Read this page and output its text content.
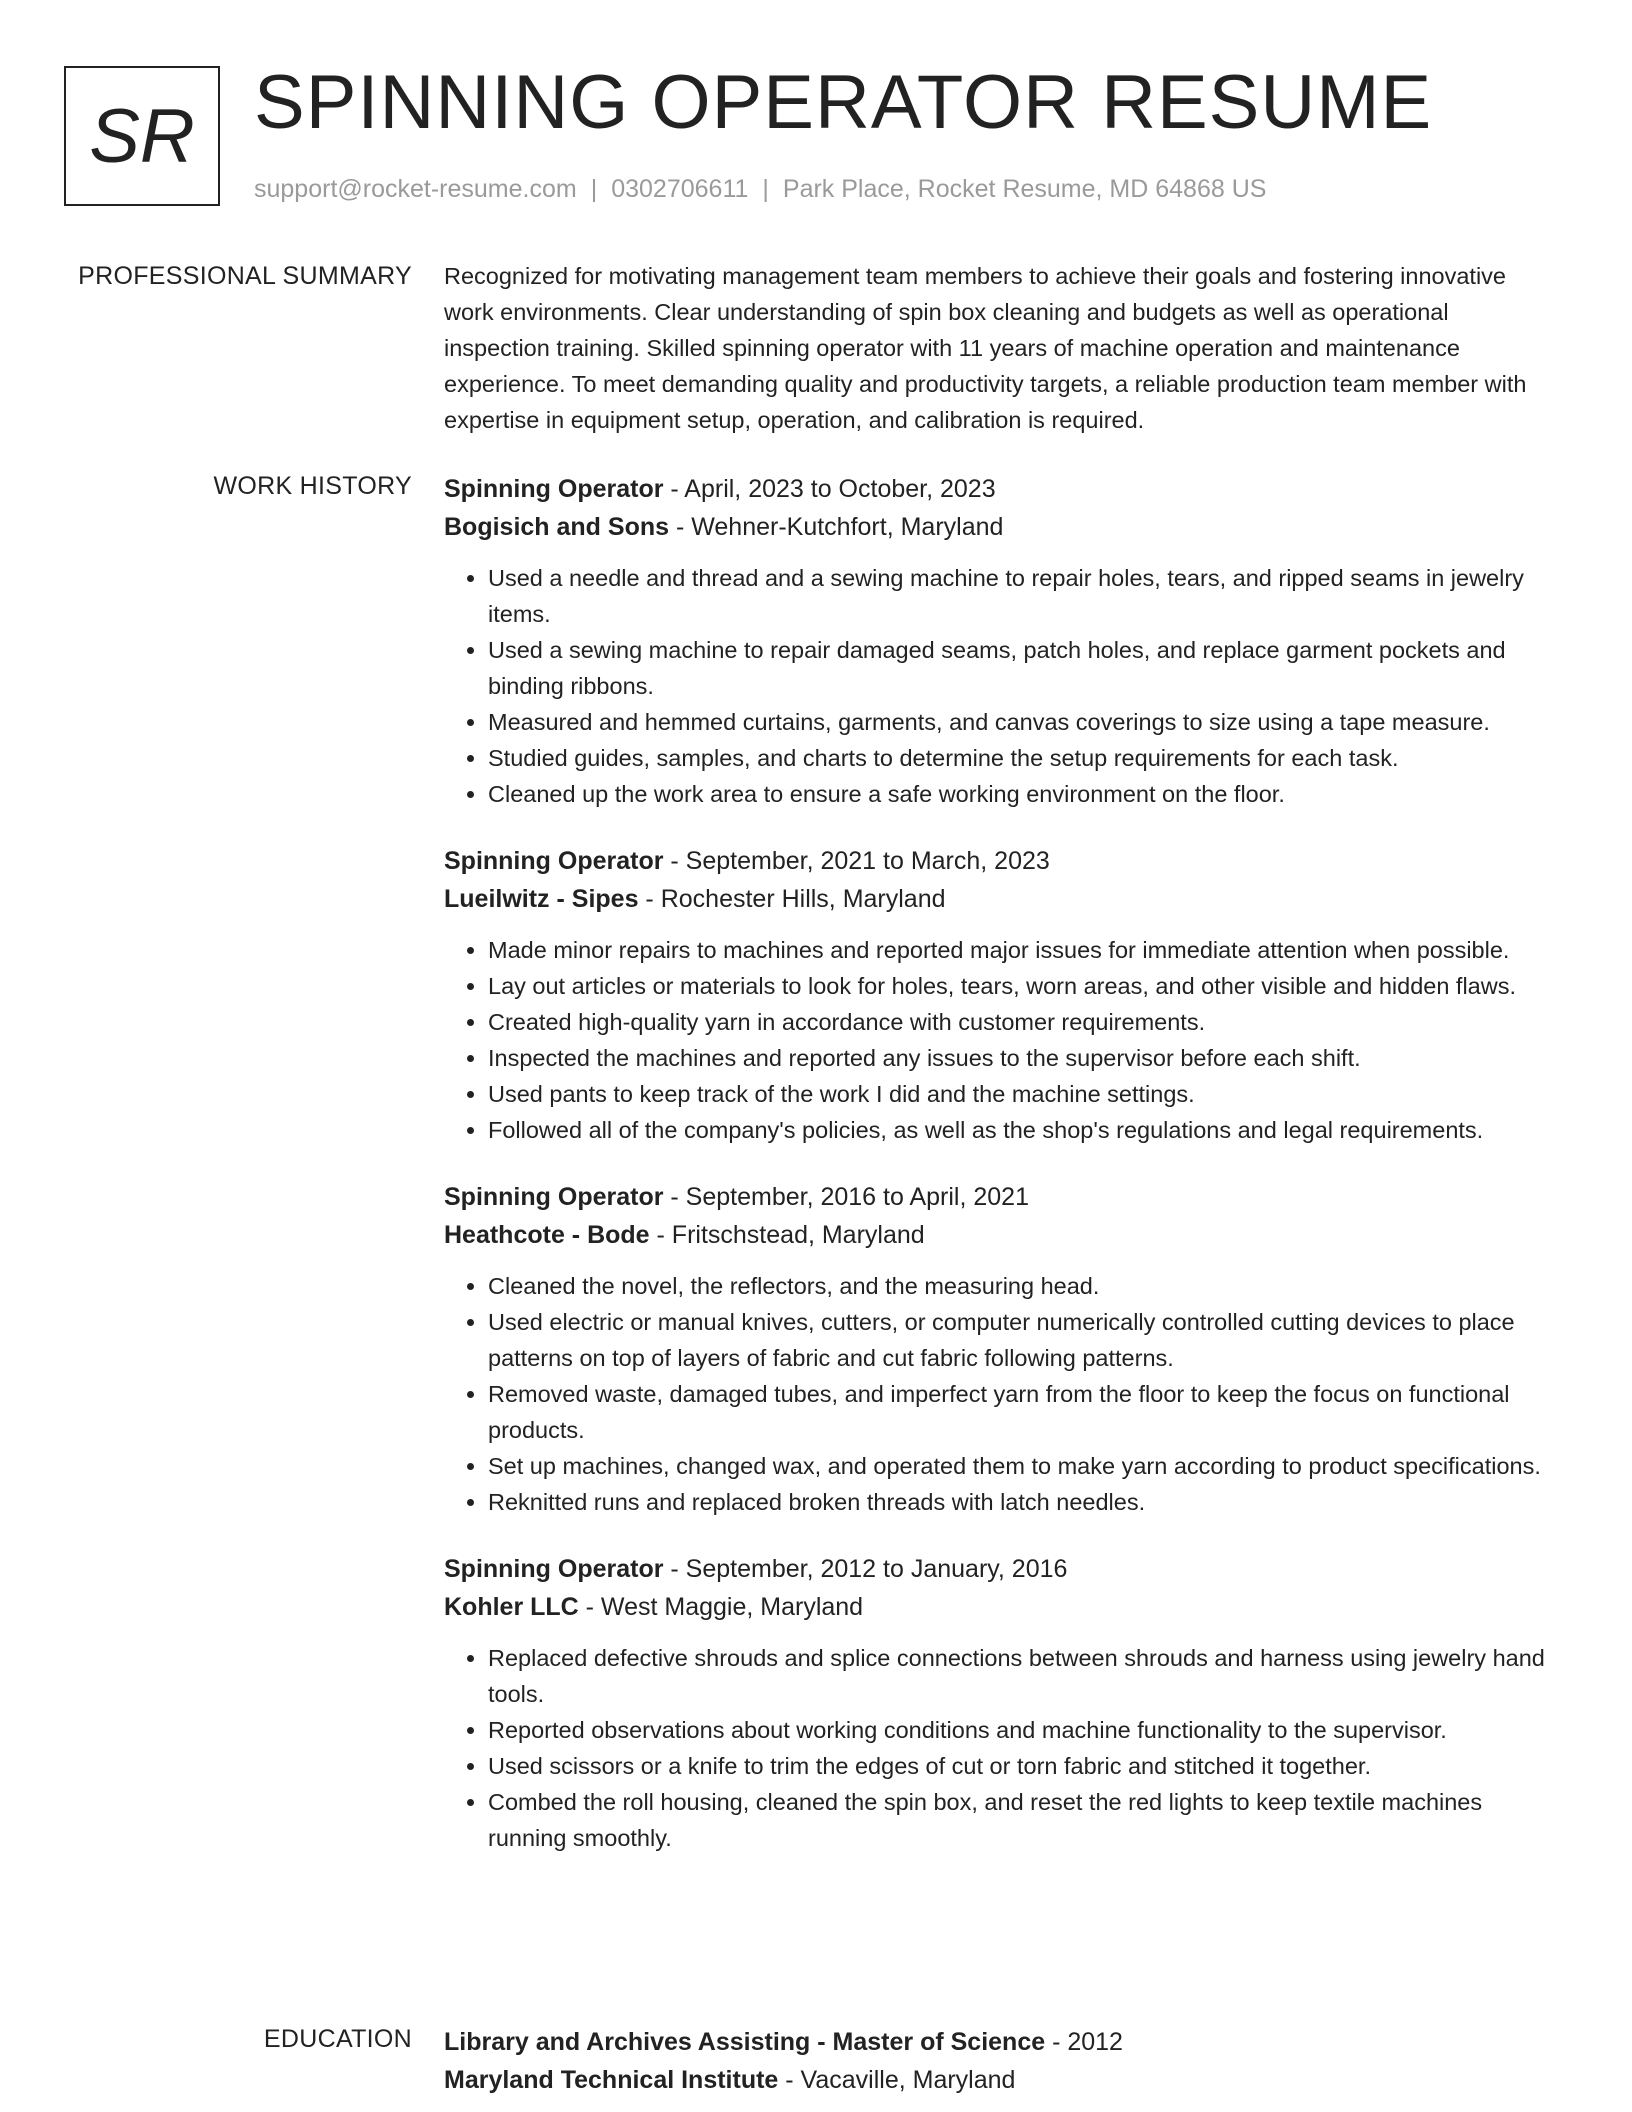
SR SPINNING OPERATOR RESUME
support@rocket-resume.com | 0302706611 | Park Place, Rocket Resume, MD 64868 US
PROFESSIONAL SUMMARY Recognized for motivating management team members to achieve their goals and fostering innovative work environments. Clear understanding of spin box cleaning and budgets as well as operational inspection training. Skilled spinning operator with 11 years of machine operation and maintenance experience. To meet demanding quality and productivity targets, a reliable production team member with expertise in equipment setup, operation, and calibration is required.

WORK HISTORY Spinning Operator - April, 2023 to October, 2023
Bogisich and Sons - Wehner-Kutchfort, Maryland
• Used a needle and thread and a sewing machine to repair holes, tears, and ripped seams in jewelry items.
• Used a sewing machine to repair damaged seams, patch holes, and replace garment pockets and binding ribbons.
• Measured and hemmed curtains, garments, and canvas coverings to size using a tape measure.
• Studied guides, samples, and charts to determine the setup requirements for each task.
• Cleaned up the work area to ensure a safe working environment on the floor.
Spinning Operator - September, 2021 to March, 2023
Lueilwitz - Sipes - Rochester Hills, Maryland
• Made minor repairs to machines and reported major issues for immediate attention when possible.
• Lay out articles or materials to look for holes, tears, worn areas, and other visible and hidden flaws.
• Created high-quality yarn in accordance with customer requirements.
• Inspected the machines and reported any issues to the supervisor before each shift.
• Used pants to keep track of the work I did and the machine settings.
• Followed all of the company's policies, as well as the shop's regulations and legal requirements.
Spinning Operator - September, 2016 to April, 2021
Heathcote - Bode - Fritschstead, Maryland
• Cleaned the novel, the reflectors, and the measuring head.
• Used electric or manual knives, cutters, or computer numerically controlled cutting devices to place patterns on top of layers of fabric and cut fabric following patterns.
• Removed waste, damaged tubes, and imperfect yarn from the floor to keep the focus on functional products.
• Set up machines, changed wax, and operated them to make yarn according to product specifications.
• Reknitted runs and replaced broken threads with latch needles.
Spinning Operator - September, 2012 to January, 2016
Kohler LLC - West Maggie, Maryland
• Replaced defective shrouds and splice connections between shrouds and harness using jewelry hand tools.
• Reported observations about working conditions and machine functionality to the supervisor.
• Used scissors or a knife to trim the edges of cut or torn fabric and stitched it together.
• Combed the roll housing, cleaned the spin box, and reset the red lights to keep textile machines running smoothly.
EDUCATION Library and Archives Assisting - Master of Science - 2012
Maryland Technical Institute - Vacaville, Maryland
